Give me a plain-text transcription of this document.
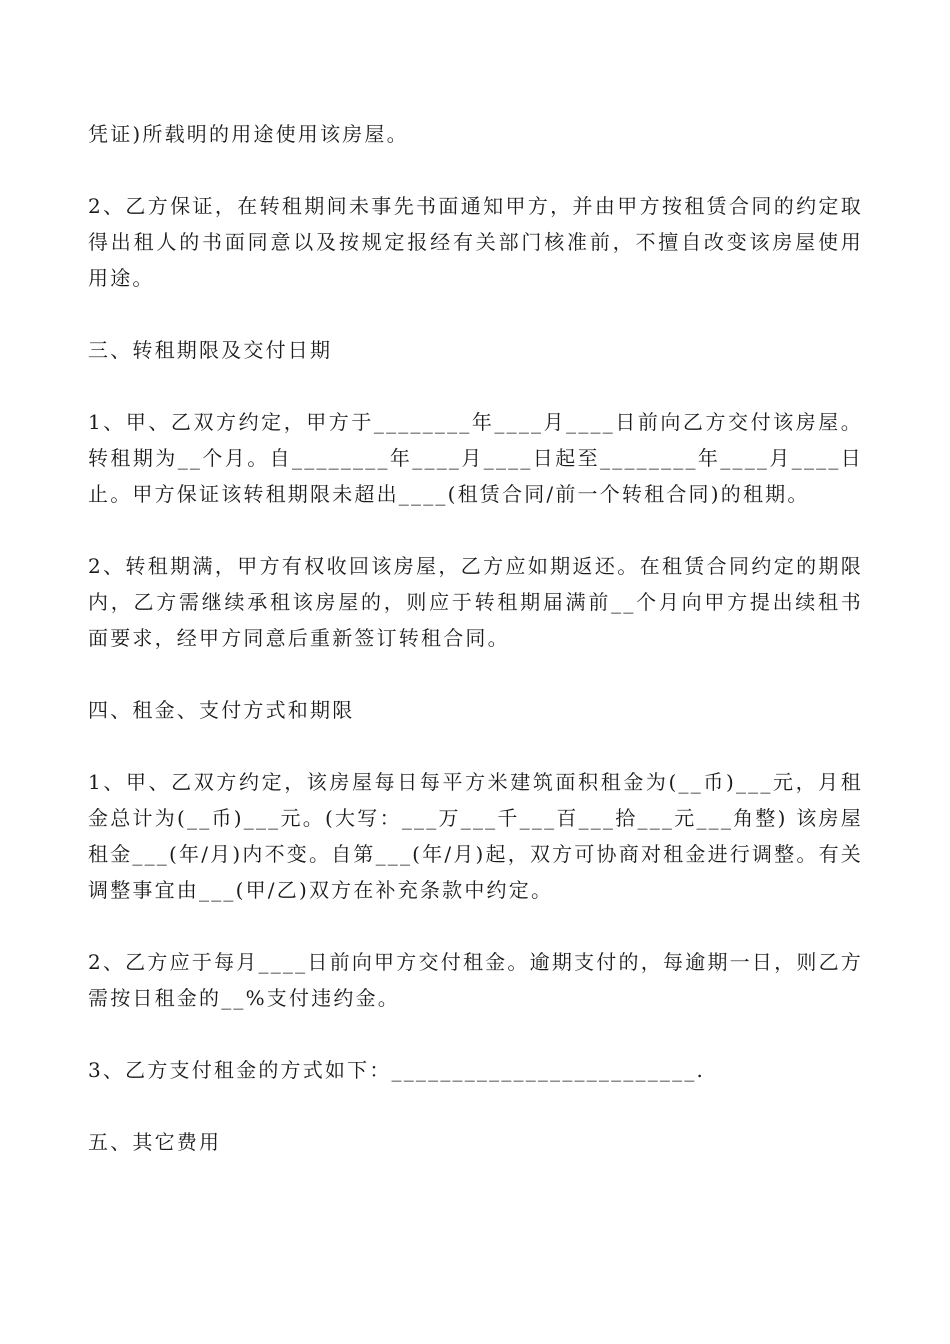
凭证)所载明的用途使用该房屋。

2、乙方保证，在转租期间未事先书面通知甲方，并由甲方按租赁合同的约定取得出租人的书面同意以及按规定报经有关部门核准前，不擅自改变该房屋使用用途。

三、转租期限及交付日期

1、甲、乙双方约定，甲方于________年____月____日前向乙方交付该房屋。转租期为__个月。自________年____月____日起至________年____月____日止。甲方保证该转租期限未超出____(租赁合同/前一个转租合同)的租期。

2、转租期满，甲方有权收回该房屋，乙方应如期返还。在租赁合同约定的期限内，乙方需继续承租该房屋的，则应于转租期届满前__个月向甲方提出续租书面要求，经甲方同意后重新签订转租合同。

四、租金、支付方式和期限

1、甲、乙双方约定，该房屋每日每平方米建筑面积租金为(__币)___元，月租金总计为(__币)___元。(大写：___万___千___百___拾___元___角整) 该房屋租金___(年/月)内不变。自第___(年/月)起，双方可协商对租金进行调整。有关调整事宜由___(甲/乙)双方在补充条款中约定。

2、乙方应于每月____日前向甲方交付租金。逾期支付的，每逾期一日，则乙方需按日租金的__%支付违约金。

3、乙方支付租金的方式如下：_________________________.

五、其它费用
